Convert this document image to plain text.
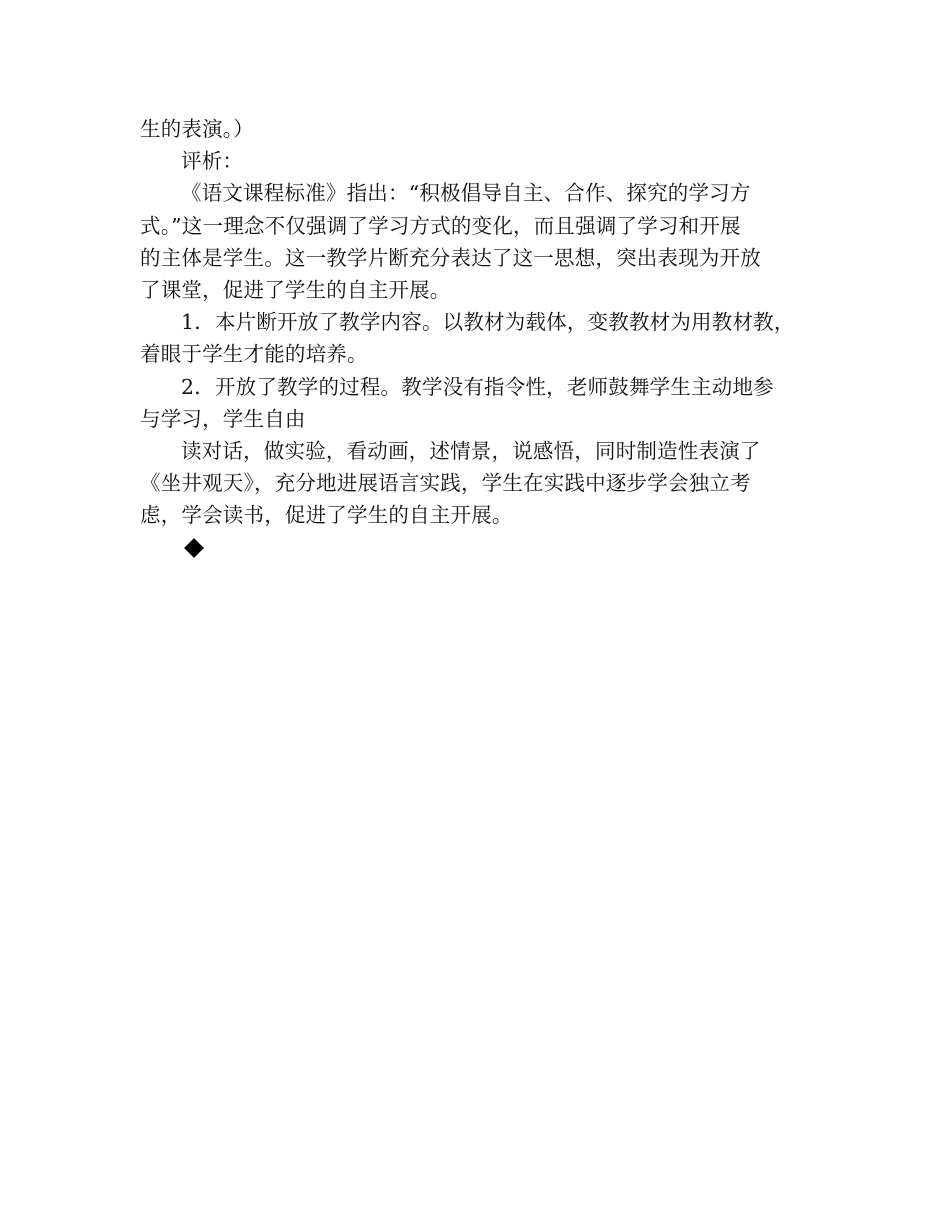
生的表演。）
评析：
《语文课程标准》指出：“积极倡导自主、合作、探究的学习方
式。”这一理念不仅强调了学习方式的变化，而且强调了学习和开展
的主体是学生。这一教学片断充分表达了这一思想，突出表现为开放
了课堂，促进了学生的自主开展。
1．本片断开放了教学内容。以教材为载体，变教教材为用教材教，
着眼于学生才能的培养。
2．开放了教学的过程。教学没有指令性，老师鼓舞学生主动地参
与学习，学生自由
读对话，做实验，看动画，述情景，说感悟，同时制造性表演了
《坐井观天》，充分地进展语言实践，学生在实践中逐步学会独立考
虑，学会读书，促进了学生的自主开展。
